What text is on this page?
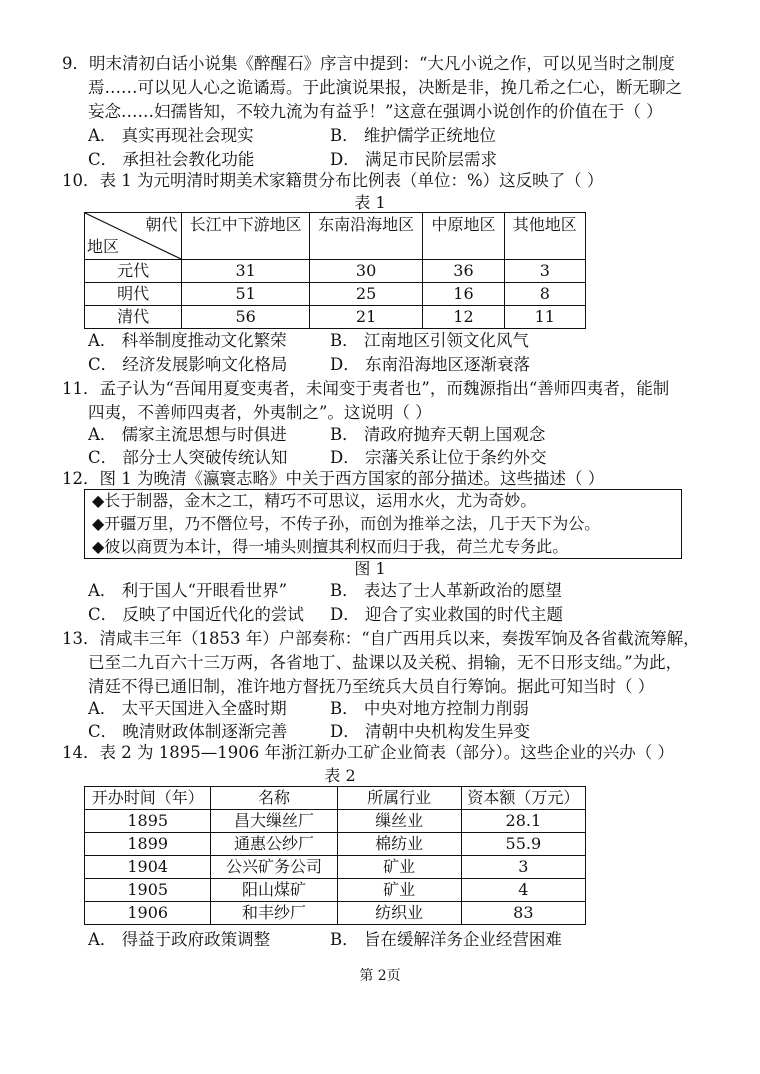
9．明末清初白话小说集《醉醒石》序言中提到：“大凡小说之作，可以见当时之制度
焉……可以见人心之诡谲焉。于此演说果报，决断是非，挽几希之仁心，断无聊之
妄念……妇孺皆知，不较九流为有益乎！”这意在强调小说创作的价值在于（ ）
A． 真实再现社会现实	B． 维护儒学正统地位
C． 承担社会教化功能	D． 满足市民阶层需求
10．表 1 为元明清时期美术家籍贯分布比例表（单位：%）这反映了（ ）
表 1
朝代
地区	长江中下游地区	东南沿海地区	中原地区	其他地区
元代	31	30	36	3
明代	51	25	16	8
清代	56	21	12	11
A． 科举制度推动文化繁荣	B． 江南地区引领文化风气
C． 经济发展影响文化格局	D． 东南沿海地区逐渐衰落
11．孟子认为“吾闻用夏变夷者，未闻变于夷者也”，而魏源指出“善师四夷者，能制
四夷，不善师四夷者，外夷制之”。这说明（ ）
A． 儒家主流思想与时俱进	B． 清政府抛弃天朝上国观念
C． 部分士人突破传统认知	D． 宗藩关系让位于条约外交
12．图 1 为晚清《瀛寰志略》中关于西方国家的部分描述。这些描述（ ）
◆长于制器，金木之工，精巧不可思议，运用水火，尤为奇妙。
◆开疆万里，乃不僭位号，不传子孙，而创为推举之法，几于天下为公。
◆彼以商贾为本计，得一埔头则擅其利权而归于我，荷兰尤专务此。
图 1
A． 利于国人“开眼看世界”	B． 表达了士人革新政治的愿望
C． 反映了中国近代化的尝试 D． 迎合了实业救国的时代主题
13．清咸丰三年（1853 年）户部奏称：“自广西用兵以来，奏拨军饷及各省截流筹解，
已至二九百六十三万两，各省地丁、盐课以及关税、捐输，无不日形支绌。”为此，
清廷不得已通旧制，准许地方督抚乃至统兵大员自行筹饷。据此可知当时（ ）
A． 太平天国进入全盛时期	B． 中央对地方控制力削弱
C． 晚清财政体制逐渐完善	D． 清朝中央机构发生异变
14．表 2 为 1895—1906 年浙江新办工矿企业简表（部分）。这些企业的兴办（ ）
表 2
开办时间（年）	名称	所属行业	资本额（万元）
1895	昌大缫丝厂	缫丝业	28.1
1899	通惠公纱厂	棉纺业	55.9
1904	公兴矿务公司	矿业	3
1905	阳山煤矿	矿业	4
1906	和丰纱厂	纺织业	83
A． 得益于政府政策调整	B． 旨在缓解洋务企业经营困难
第 2页
